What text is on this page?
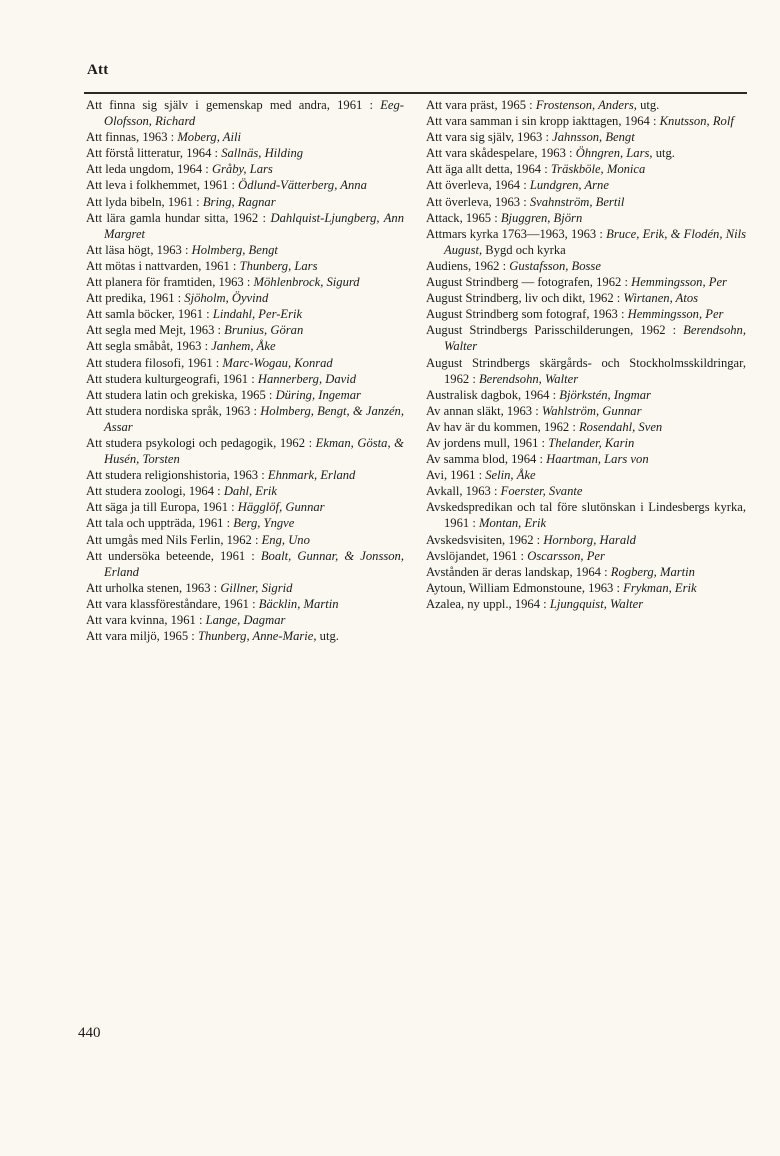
Att
Att finna sig själv i gemenskap med andra, 1961 : Eeg-Olofsson, Richard
Att finnas, 1963 : Moberg, Aili
Att förstå litteratur, 1964 : Sallnäs, Hilding
Att leda ungdom, 1964 : Gråby, Lars
Att leva i folkhemmet, 1961 : Ödlund-Vätterberg, Anna
Att lyda bibeln, 1961 : Bring, Ragnar
Att lära gamla hundar sitta, 1962 : Dahlquist-Ljungberg, Ann Margret
Att läsa högt, 1963 : Holmberg, Bengt
Att mötas i nattvarden, 1961 : Thunberg, Lars
Att planera för framtiden, 1963 : Möhlenbrock, Sigurd
Att predika, 1961 : Sjöholm, Öyvind
Att samla böcker, 1961 : Lindahl, Per-Erik
Att segla med Mejt, 1963 : Brunius, Göran
Att segla småbåt, 1963 : Janhem, Åke
Att studera filosofi, 1961 : Marc-Wogau, Konrad
Att studera kulturgeografi, 1961 : Hannerberg, David
Att studera latin och grekiska, 1965 : Düring, Ingemar
Att studera nordiska språk, 1963 : Holmberg, Bengt, & Janzén, Assar
Att studera psykologi och pedagogik, 1962 : Ekman, Gösta, & Husén, Torsten
Att studera religionshistoria, 1963 : Ehnmark, Erland
Att studera zoologi, 1964 : Dahl, Erik
Att säga ja till Europa, 1961 : Hägglöf, Gunnar
Att tala och uppträda, 1961 : Berg, Yngve
Att umgås med Nils Ferlin, 1962 : Eng, Uno
Att undersöka beteende, 1961 : Boalt, Gunnar, & Jonsson, Erland
Att urholka stenen, 1963 : Gillner, Sigrid
Att vara klassföreståndare, 1961 : Bäcklin, Martin
Att vara kvinna, 1961 : Lange, Dagmar
Att vara miljö, 1965 : Thunberg, Anne-Marie, utg.
Att vara präst, 1965 : Frostenson, Anders, utg.
Att vara samman i sin kropp iakttagen, 1964 : Knutsson, Rolf
Att vara sig själv, 1963 : Jahnsson, Bengt
Att vara skådespelare, 1963 : Öhngren, Lars, utg.
Att äga allt detta, 1964 : Träskböle, Monica
Att överleva, 1964 : Lundgren, Arne
Att överleva, 1963 : Svahnström, Bertil
Attack, 1965 : Bjuggren, Björn
Attmars kyrka 1763—1963, 1963 : Bruce, Erik, & Flodén, Nils August, Bygd och kyrka
Audiens, 1962 : Gustafsson, Bosse
August Strindberg — fotografen, 1962 : Hemmingsson, Per
August Strindberg, liv och dikt, 1962 : Wirtanen, Atos
August Strindberg som fotograf, 1963 : Hemmingsson, Per
August Strindbergs Parisschilderungen, 1962 : Berendsohn, Walter
August Strindbergs skärgårds- och Stockholmsskildringar, 1962 : Berendsohn, Walter
Australisk dagbok, 1964 : Björkstén, Ingmar
Av annan släkt, 1963 : Wahlström, Gunnar
Av hav är du kommen, 1962 : Rosendahl, Sven
Av jordens mull, 1961 : Thelander, Karin
Av samma blod, 1964 : Haartman, Lars von
Avi, 1961 : Selin, Åke
Avkall, 1963 : Foerster, Svante
Avskedspredikan och tal före slutönskan i Lindesbergs kyrka, 1961 : Montan, Erik
Avskedsvisiten, 1962 : Hornborg, Harald
Avslöjandet, 1961 : Oscarsson, Per
Avstånden är deras landskap, 1964 : Rogberg, Martin
Aytoun, William Edmonstoune, 1963 : Frykman, Erik
Azalea, ny uppl., 1964 : Ljungquist, Walter
440
